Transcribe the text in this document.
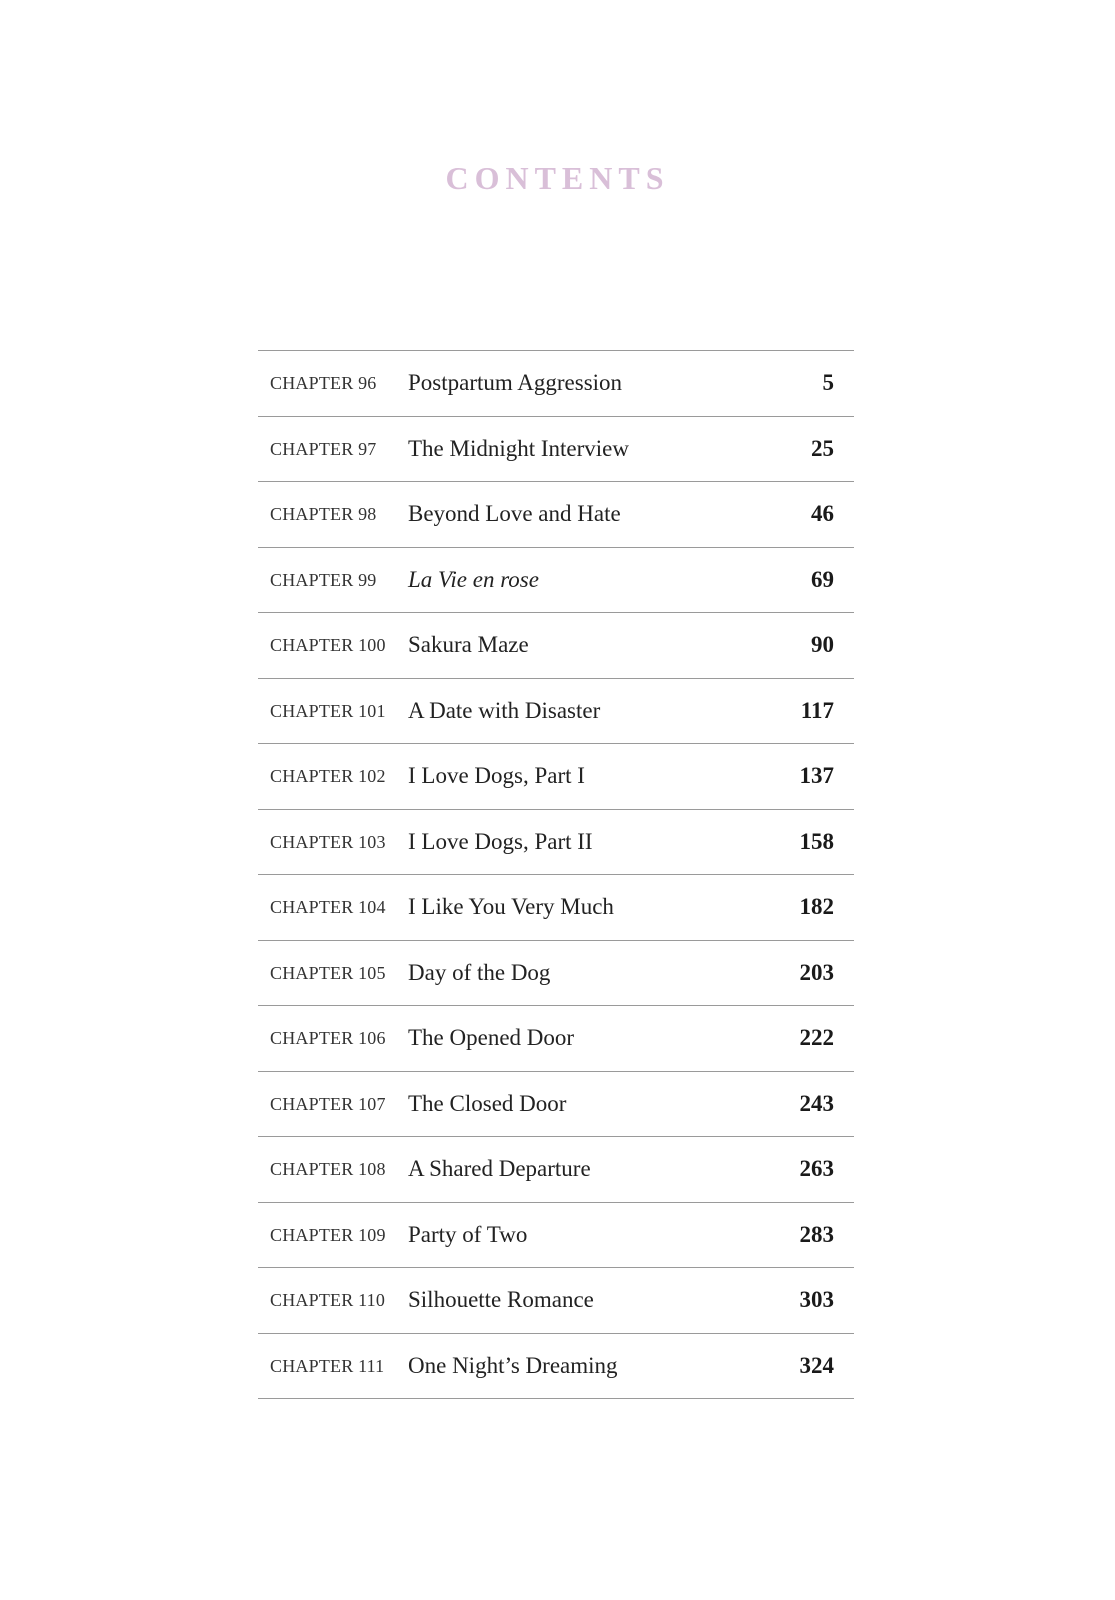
CONTENTS
CHAPTER 96 Postpartum Aggression	5
CHAPTER 97 The Midnight Interview	25
CHAPTER 98 Beyond Love and Hate	46
CHAPTER 99 La Vie en rose	69
CHAPTER 100 Sakura Maze	90
CHAPTER 101 A Date with Disaster	117
CHAPTER 102 I Love Dogs, Part I	137
CHAPTER 103 I Love Dogs, Part II	158
CHAPTER 104 I Like You Very Much	182
CHAPTER 105 Day of the Dog	203
CHAPTER 106 The Opened Door	222
CHAPTER 107 The Closed Door	243
CHAPTER 108 A Shared Departure	263
CHAPTER 109 Party of Two	283
CHAPTER 110 Silhouette Romance	303
CHAPTER 111 One Night’s Dreaming	324
